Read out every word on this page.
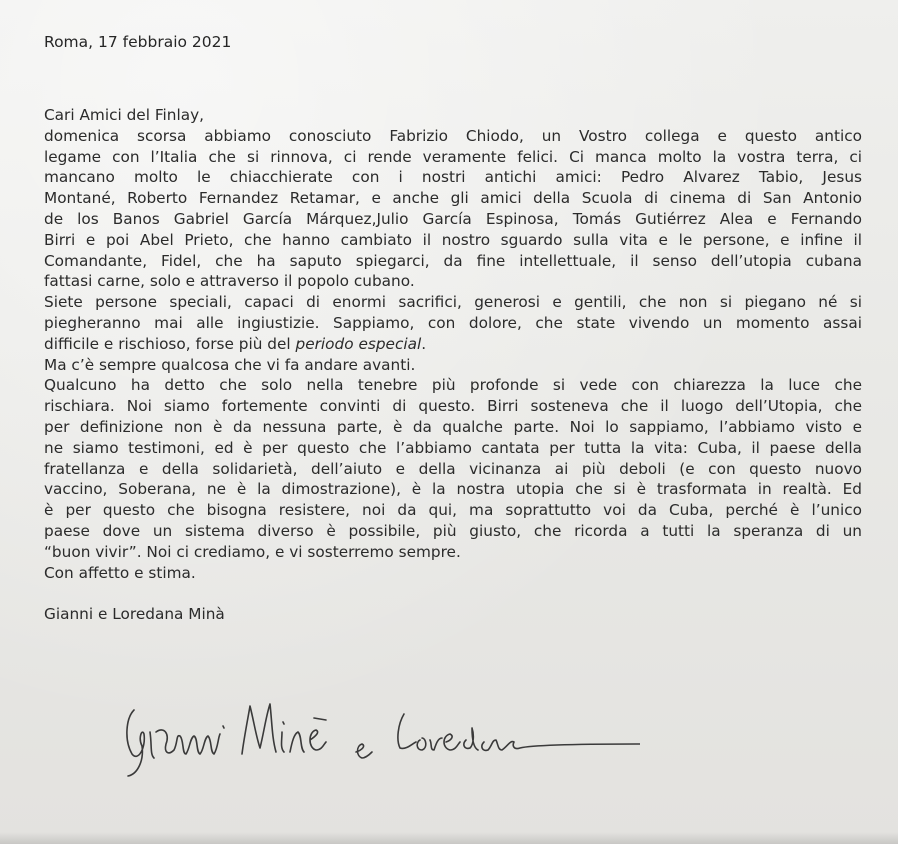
Roma, 17 febbraio 2021
Cari Amici del Finlay,
domenica scorsa abbiamo conosciuto Fabrizio Chiodo, un Vostro collega e questo antico
legame con l’Italia che si rinnova, ci rende veramente felici. Ci manca molto la vostra terra, ci
mancano molto le chiacchierate con i nostri antichi amici: Pedro Alvarez Tabio, Jesus
Montané, Roberto Fernandez Retamar, e anche gli amici della Scuola di cinema di San Antonio
de los Banos Gabriel García Márquez,Julio García Espinosa, Tomás Gutiérrez Alea e Fernando
Birri e poi Abel Prieto, che hanno cambiato il nostro sguardo sulla vita e le persone, e infine il
Comandante, Fidel, che ha saputo spiegarci, da fine intellettuale, il senso dell’utopia cubana
fattasi carne, solo e attraverso il popolo cubano.
Siete persone speciali, capaci di enormi sacrifici, generosi e gentili, che non si piegano né si
piegheranno mai alle ingiustizie. Sappiamo, con dolore, che state vivendo un momento assai
difficile e rischioso, forse più del periodo especial.
Ma c’è sempre qualcosa che vi fa andare avanti.
Qualcuno ha detto che solo nella tenebre più profonde si vede con chiarezza la luce che
rischiara. Noi siamo fortemente convinti di questo. Birri sosteneva che il luogo dell’Utopia, che
per definizione non è da nessuna parte, è da qualche parte. Noi lo sappiamo, l’abbiamo visto e
ne siamo testimoni, ed è per questo che l’abbiamo cantata per tutta la vita: Cuba, il paese della
fratellanza e della solidarietà, dell’aiuto e della vicinanza ai più deboli (e con questo nuovo
vaccino, Soberana, ne è la dimostrazione), è la nostra utopia che si è trasformata in realtà. Ed
è per questo che bisogna resistere, noi da qui, ma soprattutto voi da Cuba, perché è l’unico
paese dove un sistema diverso è possibile, più giusto, che ricorda a tutti la speranza di un
“buon vivir”. Noi ci crediamo, e vi sosterremo sempre.
Con affetto e stima.
Gianni e Loredana Minà
